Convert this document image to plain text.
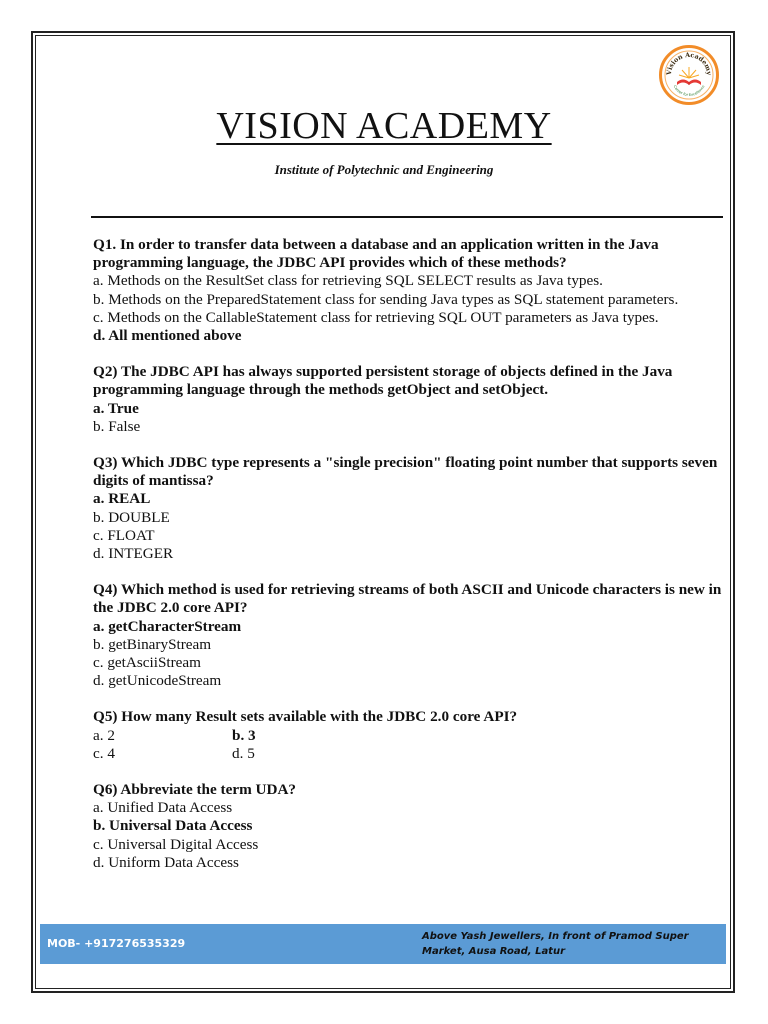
Vision Academy
Career for Excellence
VISION ACADEMY
Institute of Polytechnic and Engineering
Q1. In order to transfer data between a database and an application written in the Java programming language, the JDBC API provides which of these methods?
a. Methods on the ResultSet class for retrieving SQL SELECT results as Java types.
b. Methods on the PreparedStatement class for sending Java types as SQL statement parameters.
c. Methods on the CallableStatement class for retrieving SQL OUT parameters as Java types.
d. All mentioned above
Q2) The JDBC API has always supported persistent storage of objects defined in the Java programming language through the methods getObject and setObject.
a. True
b. False
Q3) Which JDBC type represents a "single precision" floating point number that supports seven digits of mantissa?
a. REAL
b. DOUBLE
c. FLOAT
d. INTEGER
Q4) Which method is used for retrieving streams of both ASCII and Unicode characters is new in the JDBC 2.0 core API?
a. getCharacterStream
b. getBinaryStream
c. getAsciiStream
d. getUnicodeStream
Q5) How many Result sets available with the JDBC 2.0 core API?
a. 2	b. 3
c. 4	d. 5
Q6) Abbreviate the term UDA?
a. Unified Data Access
b. Universal Data Access
c. Universal Digital Access
d. Uniform Data Access
MOB- +917276535329
Above Yash Jewellers, In front of Pramod Super Market, Ausa Road, Latur
